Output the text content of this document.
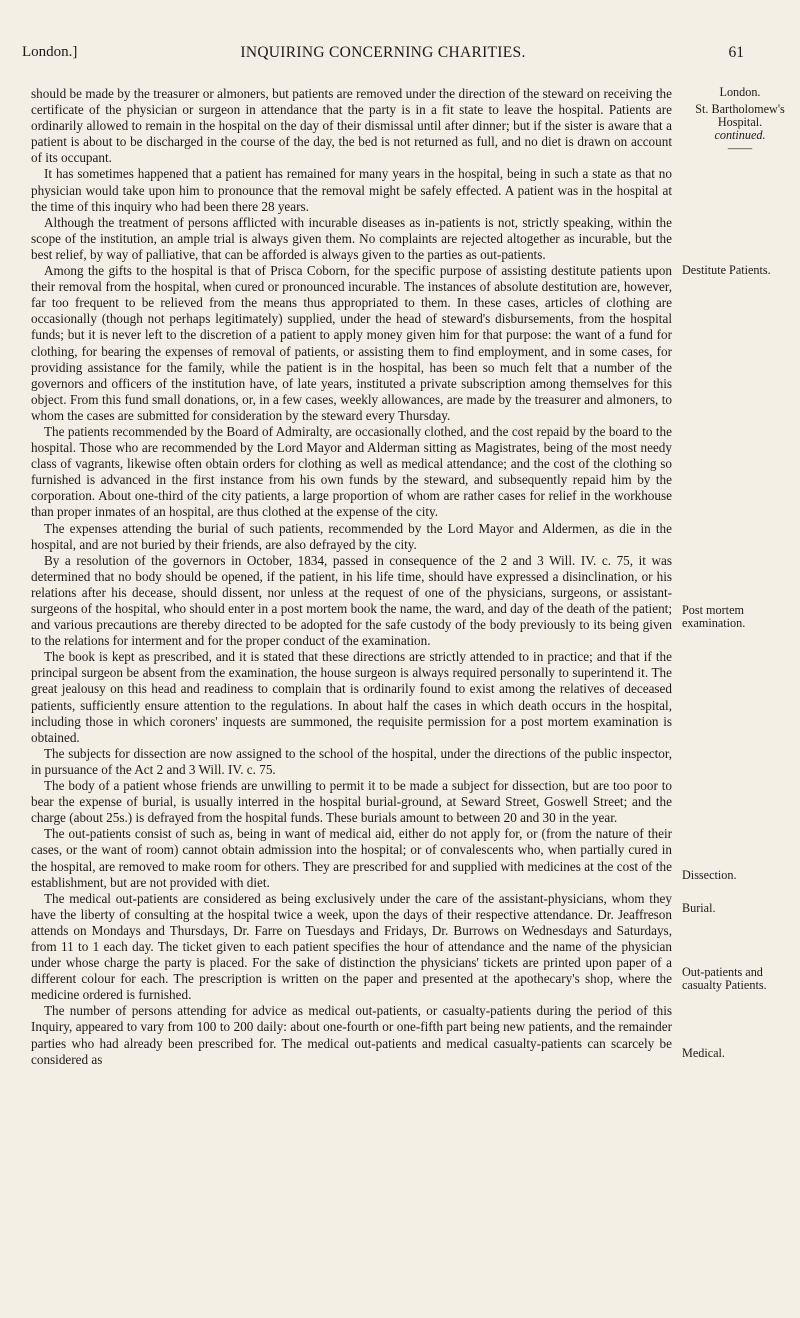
London.]	INQUIRING CONCERNING CHARITIES.	61
London.
St. Bartholomew's Hospital.
continued.
——
Destitute Patients.
Post mortem examination.
Dissection.
Burial.
Out-patients and casualty Patients.
Medical.

should be made by the treasurer or almoners, but patients are removed under the direction of the steward on receiving the certificate of the physician or surgeon in attendance that the party is in a fit state to leave the hospital. Patients are ordinarily allowed to remain in the hospital on the day of their dismissal until after dinner; but if the sister is aware that a patient is about to be discharged in the course of the day, the bed is not returned as full, and no diet is drawn on account of its occupant.

It has sometimes happened that a patient has remained for many years in the hospital, being in such a state as that no physician would take upon him to pronounce that the removal might be safely effected. A patient was in the hospital at the time of this inquiry who had been there 28 years.

Although the treatment of persons afflicted with incurable diseases as in-patients is not, strictly speaking, within the scope of the institution, an ample trial is always given them. No complaints are rejected altogether as incurable, but the best relief, by way of palliative, that can be afforded is always given to the parties as out-patients.

Among the gifts to the hospital is that of Prisca Coborn, for the specific purpose of assisting destitute patients upon their removal from the hospital, when cured or pronounced incurable. The instances of absolute destitution are, however, far too frequent to be relieved from the means thus appropriated to them. In these cases, articles of clothing are occasionally (though not perhaps legitimately) supplied, under the head of steward's disbursements, from the hospital funds; but it is never left to the discretion of a patient to apply money given him for that purpose: the want of a fund for clothing, for bearing the expenses of removal of patients, or assisting them to find employment, and in some cases, for providing assistance for the family, while the patient is in the hospital, has been so much felt that a number of the governors and officers of the institution have, of late years, instituted a private subscription among themselves for this object. From this fund small donations, or, in a few cases, weekly allowances, are made by the treasurer and almoners, to whom the cases are submitted for consideration by the steward every Thursday.

The patients recommended by the Board of Admiralty, are occasionally clothed, and the cost repaid by the board to the hospital. Those who are recommended by the Lord Mayor and Alderman sitting as Magistrates, being of the most needy class of vagrants, likewise often obtain orders for clothing as well as medical attendance; and the cost of the clothing so furnished is advanced in the first instance from his own funds by the steward, and subsequently repaid him by the corporation. About one-third of the city patients, a large proportion of whom are rather cases for relief in the workhouse than proper inmates of an hospital, are thus clothed at the expense of the city.

The expenses attending the burial of such patients, recommended by the Lord Mayor and Aldermen, as die in the hospital, and are not buried by their friends, are also defrayed by the city.

By a resolution of the governors in October, 1834, passed in consequence of the 2 and 3 Will. IV. c. 75, it was determined that no body should be opened, if the patient, in his life time, should have expressed a disinclination, or his relations after his decease, should dissent, nor unless at the request of one of the physicians, surgeons, or assistant-surgeons of the hospital, who should enter in a post mortem book the name, the ward, and day of the death of the patient; and various precautions are thereby directed to be adopted for the safe custody of the body previously to its being given to the relations for interment and for the proper conduct of the examination.

The book is kept as prescribed, and it is stated that these directions are strictly attended to in practice; and that if the principal surgeon be absent from the examination, the house surgeon is always required personally to superintend it. The great jealousy on this head and readiness to complain that is ordinarily found to exist among the relatives of deceased patients, sufficiently ensure attention to the regulations. In about half the cases in which death occurs in the hospital, including those in which coroners' inquests are summoned, the requisite permission for a post mortem examination is obtained.

The subjects for dissection are now assigned to the school of the hospital, under the directions of the public inspector, in pursuance of the Act 2 and 3 Will. IV. c. 75.

The body of a patient whose friends are unwilling to permit it to be made a subject for dissection, but are too poor to bear the expense of burial, is usually interred in the hospital burial-ground, at Seward Street, Goswell Street; and the charge (about 25s.) is defrayed from the hospital funds. These burials amount to between 20 and 30 in the year.

The out-patients consist of such as, being in want of medical aid, either do not apply for, or (from the nature of their cases, or the want of room) cannot obtain admission into the hospital; or of convalescents who, when partially cured in the hospital, are removed to make room for others. They are prescribed for and supplied with medicines at the cost of the establishment, but are not provided with diet.

The medical out-patients are considered as being exclusively under the care of the assistant-physicians, whom they have the liberty of consulting at the hospital twice a week, upon the days of their respective attendance. Dr. Jeaffreson attends on Mondays and Thursdays, Dr. Farre on Tuesdays and Fridays, Dr. Burrows on Wednesdays and Saturdays, from 11 to 1 each day. The ticket given to each patient specifies the hour of attendance and the name of the physician under whose charge the party is placed. For the sake of distinction the physicians' tickets are printed upon paper of a different colour for each. The prescription is written on the paper and presented at the apothecary's shop, where the medicine ordered is furnished.

The number of persons attending for advice as medical out-patients, or casualty-patients during the period of this Inquiry, appeared to vary from 100 to 200 daily: about one-fourth or one-fifth part being new patients, and the remainder parties who had already been prescribed for. The medical out-patients and medical casualty-patients can scarcely be considered as
